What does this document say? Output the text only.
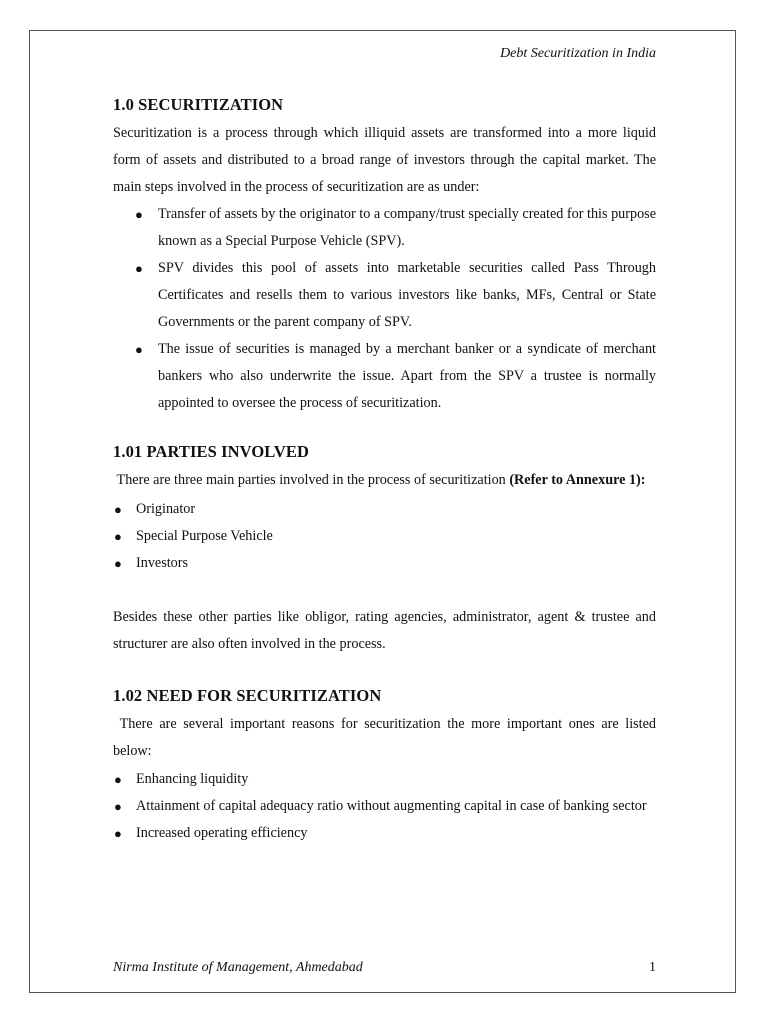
Debt Securitization in India

1.0 SECURITIZATION

Securitization is a process through which illiquid assets are transformed into a more liquid form of assets and distributed to a broad range of investors through the capital market. The main steps involved in the process of securitization are as under:

● Transfer of assets by the originator to a company/trust specially created for this purpose known as a Special Purpose Vehicle (SPV).
● SPV divides this pool of assets into marketable securities called Pass Through Certificates and resells them to various investors like banks, MFs, Central or State Governments or the parent company of SPV.
● The issue of securities is managed by a merchant banker or a syndicate of merchant bankers who also underwrite the issue. Apart from the SPV a trustee is normally appointed to oversee the process of securitization.
1.01 PARTIES INVOLVED

There are three main parties involved in the process of securitization (Refer to Annexure 1):

● Originator
● Special Purpose Vehicle
● Investors

Besides these other parties like obligor, rating agencies, administrator, agent & trustee and structurer are also often involved in the process.

1.02 NEED FOR SECURITIZATION

There are several important reasons for securitization the more important ones are listed below:

● Enhancing liquidity
● Attainment of capital adequacy ratio without augmenting capital in case of banking sector
● Increased operating efficiency
Nirma Institute of Management, Ahmedabad	1
